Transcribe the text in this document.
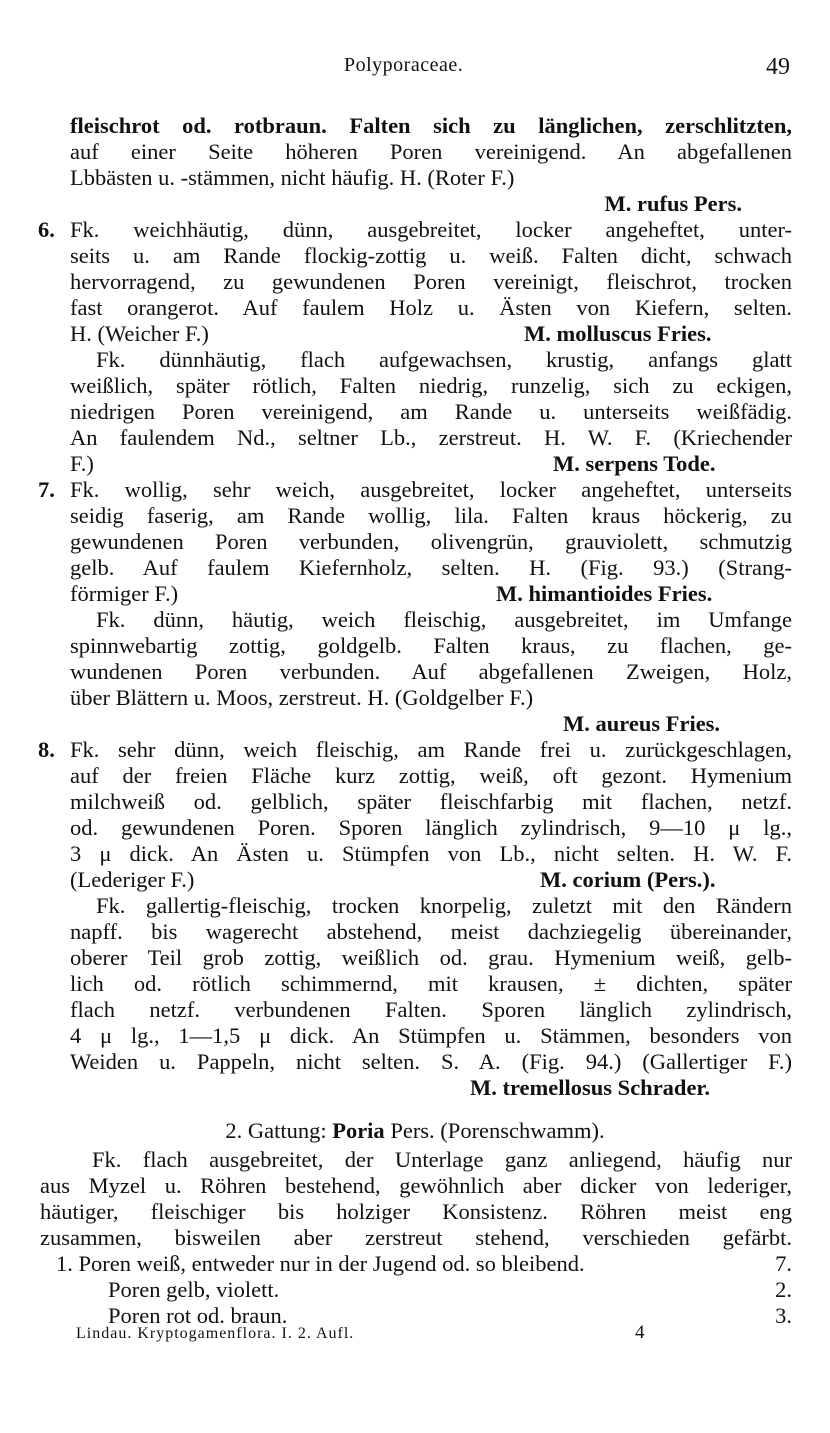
Polyporaceae.	49
fleischrot od. rotbraun. Falten sich zu länglichen, zerschlitzten,
auf einer Seite höheren Poren vereinigend. An abgefallenen
Lbbästen u. -stämmen, nicht häufig. H. (Roter F.)
M. rufus Pers.
6. Fk. weichhäutig, dünn, ausgebreitet, locker angeheftet, unter-
seits u. am Rande flockig-zottig u. weiß. Falten dicht, schwach
hervorragend, zu gewundenen Poren vereinigt, fleischrot, trocken
fast orangerot. Auf faulem Holz u. Ästen von Kiefern, selten.
H. (Weicher F.)	M. molluscus Fries.
Fk. dünnhäutig, flach aufgewachsen, krustig, anfangs glatt
weißlich, später rötlich, Falten niedrig, runzelig, sich zu eckigen,
niedrigen Poren vereinigend, am Rande u. unterseits weißfädig.
An faulendem Nd., seltner Lb., zerstreut. H. W. F. (Kriechender
F.)	M. serpens Tode.
7. Fk. wollig, sehr weich, ausgebreitet, locker angeheftet, unterseits
seidig faserig, am Rande wollig, lila. Falten kraus höckerig, zu
gewundenen Poren verbunden, olivengrün, grauviolett, schmutzig
gelb. Auf faulem Kiefernholz, selten. H. (Fig. 93.) (Strang-
förmiger F.)	M. himantioides Fries.
Fk. dünn, häutig, weich fleischig, ausgebreitet, im Umfange
spinnwebartig zottig, goldgelb. Falten kraus, zu flachen, ge-
wundenen Poren verbunden. Auf abgefallenen Zweigen, Holz,
über Blättern u. Moos, zerstreut. H. (Goldgelber F.)
M. aureus Fries.
8. Fk. sehr dünn, weich fleischig, am Rande frei u. zurückgeschlagen,
auf der freien Fläche kurz zottig, weiß, oft gezont. Hymenium
milchweiß od. gelblich, später fleischfarbig mit flachen, netzf.
od. gewundenen Poren. Sporen länglich zylindrisch, 9—10 μ lg.,
3 μ dick. An Ästen u. Stümpfen von Lb., nicht selten. H. W. F.
(Lederiger F.)	M. corium (Pers.).
Fk. gallertig-fleischig, trocken knorpelig, zuletzt mit den Rändern
napff. bis wagerecht abstehend, meist dachziegelig übereinander,
oberer Teil grob zottig, weißlich od. grau. Hymenium weiß, gelb-
lich od. rötlich schimmernd, mit krausen, ± dichten, später
flach netzf. verbundenen Falten. Sporen länglich zylindrisch,
4 μ lg., 1—1,5 μ dick. An Stümpfen u. Stämmen, besonders von
Weiden u. Pappeln, nicht selten. S. A. (Fig. 94.) (Gallertiger F.)
M. tremellosus Schrader.
2. Gattung: Poria Pers. (Porenschwamm).
Fk. flach ausgebreitet, der Unterlage ganz anliegend, häufig nur
aus Myzel u. Röhren bestehend, gewöhnlich aber dicker von lederiger,
häutiger, fleischiger bis holziger Konsistenz. Röhren meist eng
zusammen, bisweilen aber zerstreut stehend, verschieden gefärbt.
1. Poren weiß, entweder nur in der Jugend od. so bleibend.	7.
Poren gelb, violett.	2.
Poren rot od. braun.	3.
Lindau. Kryptogamenflora. I. 2. Aufl.	4
